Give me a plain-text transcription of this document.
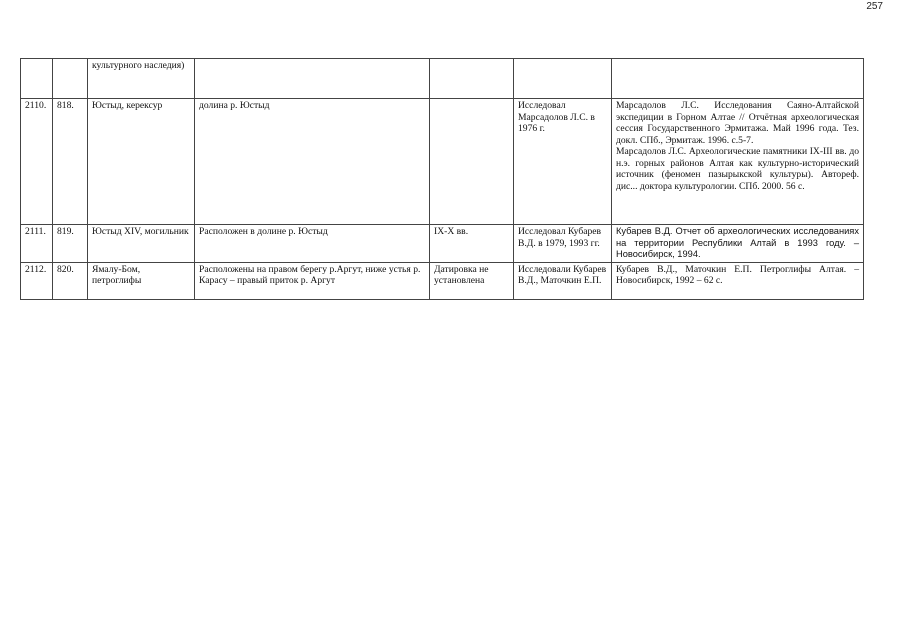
257
		культурного наследия)				
2110.	818.	Юстыд, керексур	долина р. Юстыд		Исследовал Марсадолов Л.С. в 1976 г.	Марсадолов Л.С. Исследования Саяно-Алтайской экспедиции в Горном Алтае // Отчётная археологическая сессия Государственного Эрмитажа. Май 1996 года. Тез. докл. СПб., Эрмитаж. 1996. с.5-7.
Марсадолов Л.С. Археологические памятники IX-III вв. до н.э. горных районов Алтая как культурно-исторический источник (феномен пазырыкской культуры). Автореф. дис... доктора культурологии. СПб. 2000. 56 с.

2111.	819.	Юстыд XIV, могильник	Расположен в долине р. Юстыд	IX-X вв.	Исследовал Кубарев В.Д. в 1979, 1993 гг.	Кубарев В.Д. Отчет об археологических исследованиях на территории Республики Алтай в 1993 году. – Новосибирск, 1994.

2112.	820.	Ямалу-Бом, петроглифы	Расположены на правом берегу р.Аргут, ниже устья р. Карасу – правый приток р. Аргут	Датировка не установлена	Исследовали Кубарев В.Д., Маточкин Е.П.	Кубарев В.Д., Маточкин Е.П. Петроглифы Алтая. – Новосибирск, 1992 – 62 с.
